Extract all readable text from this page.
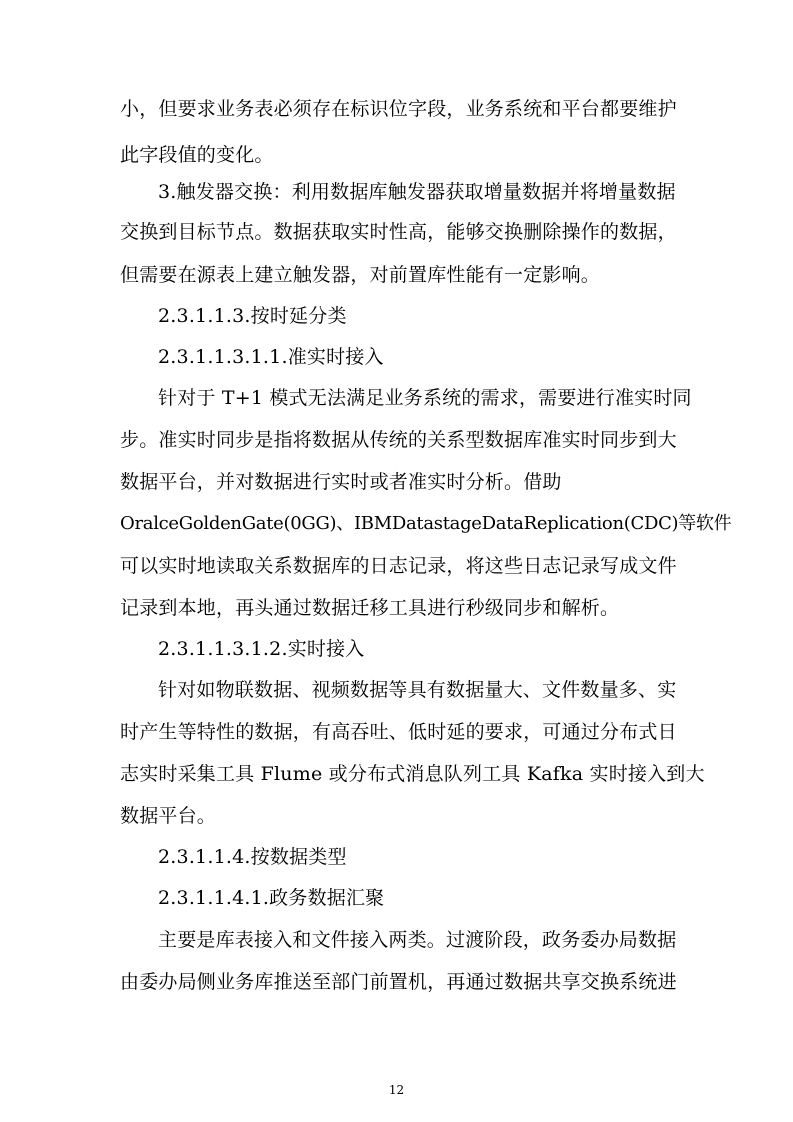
小，但要求业务表必须存在标识位字段，业务系统和平台都要维护
此字段值的变化。
3.触发器交换：利用数据库触发器获取增量数据并将增量数据
交换到目标节点。数据获取实时性高，能够交换删除操作的数据，
但需要在源表上建立触发器，对前置库性能有一定影响。
2.3.1.1.3.按时延分类
2.3.1.1.3.1.1.准实时接入
针对于 T+1 模式无法满足业务系统的需求，需要进行准实时同
步。准实时同步是指将数据从传统的关系型数据库准实时同步到大
数据平台，并对数据进行实时或者准实时分析。借助
OralceGoldenGate(0GG)、IBMDatastageDataReplication(CDC)等软件
可以实时地读取关系数据库的日志记录，将这些日志记录写成文件
记录到本地，再头通过数据迁移工具进行秒级同步和解析。
2.3.1.1.3.1.2.实时接入
针对如物联数据、视频数据等具有数据量大、文件数量多、实
时产生等特性的数据，有高吞吐、低时延的要求，可通过分布式日
志实时采集工具 Flume 或分布式消息队列工具 Kafka 实时接入到大
数据平台。
2.3.1.1.4.按数据类型
2.3.1.1.4.1.政务数据汇聚
主要是库表接入和文件接入两类。过渡阶段，政务委办局数据
由委办局侧业务库推送至部门前置机，再通过数据共享交换系统进
12
